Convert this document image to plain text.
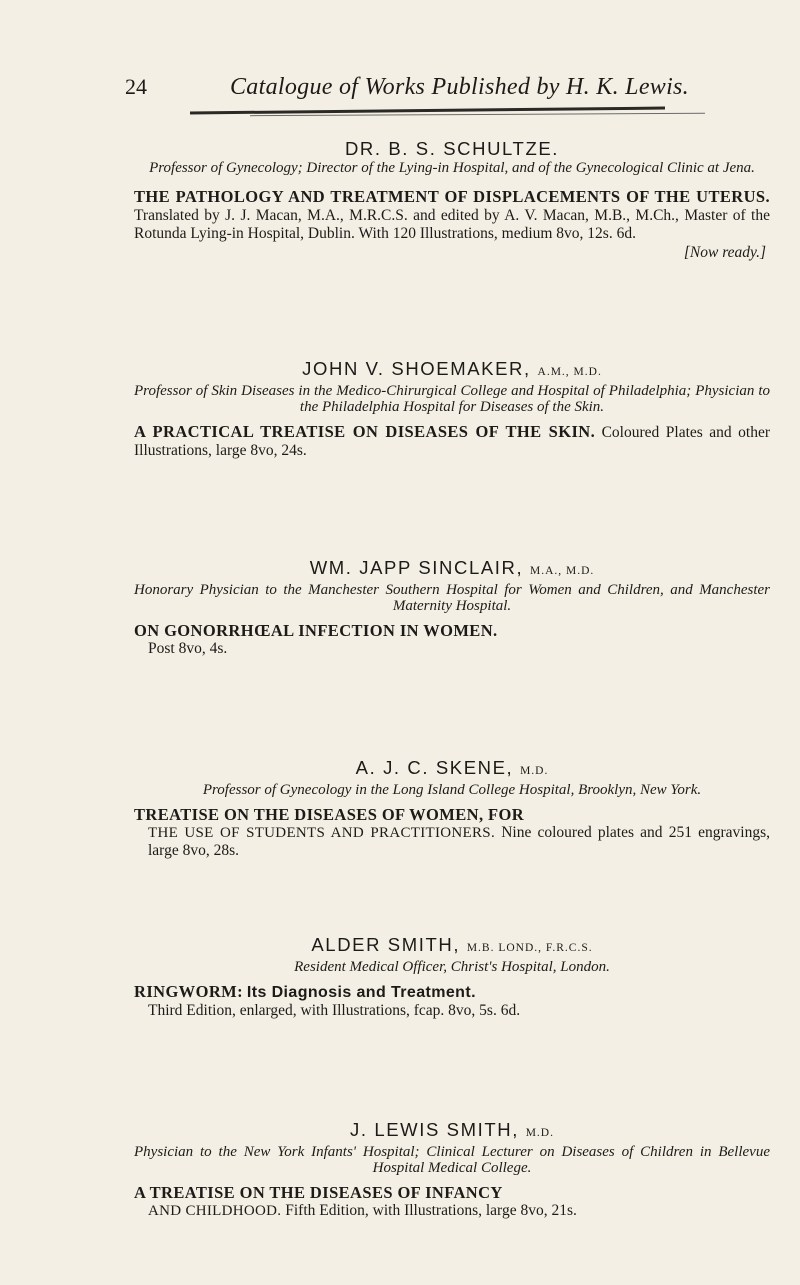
24	Catalogue of Works Published by H. K. Lewis.
DR. B. S. SCHULTZE.

Professor of Gynecology; Director of the Lying-in Hospital, and of the Gynecological Clinic at Jena.

THE PATHOLOGY AND TREATMENT OF DISPLACEMENTS OF THE UTERUS. Translated by J. J. Macan, M.A., M.R.C.S. and edited by A. V. Macan, M.B., M.Ch., Master of the Rotunda Lying-in Hospital, Dublin. With 120 Illustrations, medium 8vo, 12s. 6d.
[Now ready.]
JOHN V. SHOEMAKER, A.M., M.D.

Professor of Skin Diseases in the Medico-Chirurgical College and Hospital of Philadelphia; Physician to the Philadelphia Hospital for Diseases of the Skin.

A PRACTICAL TREATISE ON DISEASES OF THE SKIN. Coloured Plates and other Illustrations, large 8vo, 24s.
WM. JAPP SINCLAIR, M.A., M.D.

Honorary Physician to the Manchester Southern Hospital for Women and Children, and Manchester Maternity Hospital.

ON GONORRHŒAL INFECTION IN WOMEN.
Post 8vo, 4s.
A. J. C. SKENE, M.D.

Professor of Gynecology in the Long Island College Hospital, Brooklyn, New York.

TREATISE ON THE DISEASES OF WOMEN, FOR
THE USE OF STUDENTS AND PRACTITIONERS. Nine coloured plates and 251 engravings, large 8vo, 28s.
ALDER SMITH, M.B. LOND., F.R.C.S.

Resident Medical Officer, Christ's Hospital, London.

RINGWORM: Its Diagnosis and Treatment.
Third Edition, enlarged, with Illustrations, fcap. 8vo, 5s. 6d.
J. LEWIS SMITH, M.D.

Physician to the New York Infants' Hospital; Clinical Lecturer on Diseases of Children in Bellevue Hospital Medical College.

A TREATISE ON THE DISEASES OF INFANCY
AND CHILDHOOD. Fifth Edition, with Illustrations, large 8vo, 21s.
